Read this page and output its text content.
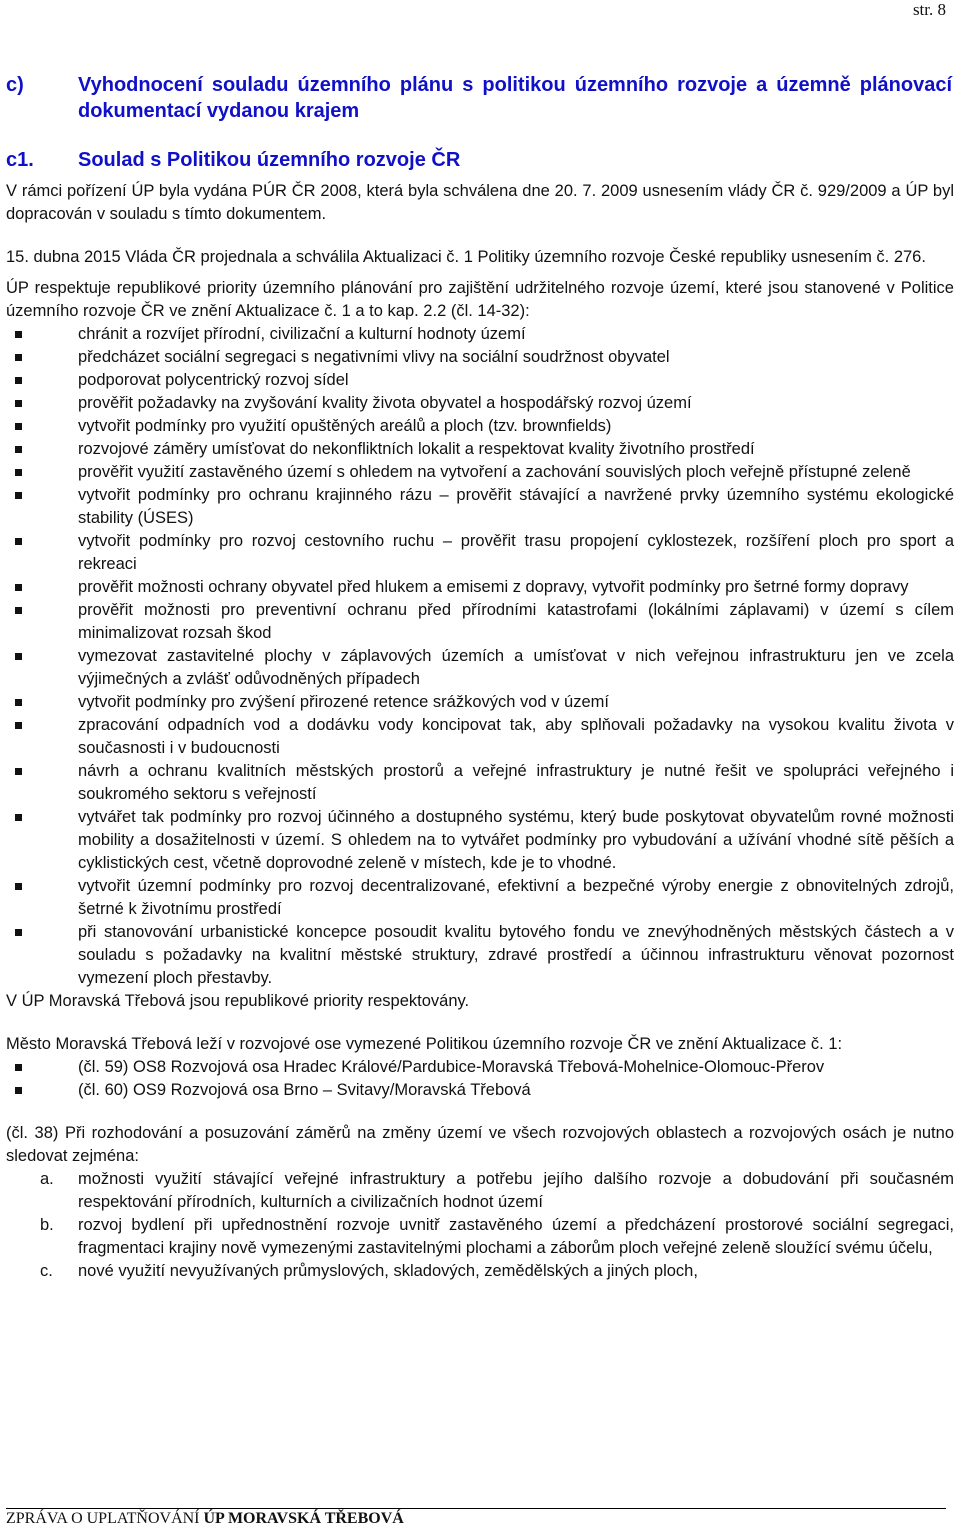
str. 8
c)	Vyhodnocení souladu územního plánu s politikou územního rozvoje a územně plánovací dokumentací vydanou krajem
c1. Soulad s Politikou územního rozvoje ČR

V rámci pořízení ÚP byla vydána PÚR ČR 2008, která byla schválena dne 20. 7. 2009 usnesením vlády ČR č. 929/2009 a ÚP byl dopracován v souladu s tímto dokumentem.

15. dubna 2015 Vláda ČR projednala a schválila Aktualizaci č. 1 Politiky územního rozvoje České republiky usnesením č. 276.

ÚP respektuje republikové priority územního plánování pro zajištění udržitelného rozvoje území, které jsou stanovené v Politice územního rozvoje ČR ve znění Aktualizace č. 1 a to kap. 2.2 (čl. 14-32):

chránit a rozvíjet přírodní, civilizační a kulturní hodnoty území
předcházet sociální segregaci s negativními vlivy na sociální soudržnost obyvatel
podporovat polycentrický rozvoj sídel
prověřit požadavky na zvyšování kvality života obyvatel a hospodářský rozvoj území
vytvořit podmínky pro využití opuštěných areálů a ploch (tzv. brownfields)
rozvojové záměry umísťovat do nekonfliktních lokalit a respektovat kvality životního prostředí
prověřit využití zastavěného území s ohledem na vytvoření a zachování souvislých ploch veřejně přístupné zeleně
vytvořit podmínky pro ochranu krajinného rázu – prověřit stávající a navržené prvky územního systému ekologické stability (ÚSES)
vytvořit podmínky pro rozvoj cestovního ruchu – prověřit trasu propojení cyklostezek, rozšíření ploch pro sport a rekreaci
prověřit možnosti ochrany obyvatel před hlukem a emisemi z dopravy, vytvořit podmínky pro šetrné formy dopravy
prověřit možnosti pro preventivní ochranu před přírodními katastrofami (lokálními záplavami) v území s cílem minimalizovat rozsah škod
vymezovat zastavitelné plochy v záplavových územích a umísťovat v nich veřejnou infrastrukturu jen ve zcela výjimečných a zvlášť odůvodněných případech
vytvořit podmínky pro zvýšení přirozené retence srážkových vod v území
zpracování odpadních vod a dodávku vody koncipovat tak, aby splňovali požadavky na vysokou kvalitu života v současnosti i v budoucnosti
návrh a ochranu kvalitních městských prostorů a veřejné infrastruktury je nutné řešit ve spolupráci veřejného i soukromého sektoru s veřejností
vytvářet tak podmínky pro rozvoj účinného a dostupného systému, který bude poskytovat obyvatelům rovné možnosti mobility a dosažitelnosti v území. S ohledem na to vytvářet podmínky pro vybudování a užívání vhodné sítě pěších a cyklistických cest, včetně doprovodné zeleně v místech, kde je to vhodné.
vytvořit územní podmínky pro rozvoj decentralizované, efektivní a bezpečné výroby energie z obnovitelných zdrojů, šetrné k životnímu prostředí
při stanovování urbanistické koncepce posoudit kvalitu bytového fondu ve znevýhodněných městských částech a v souladu s požadavky na kvalitní městské struktury, zdravé prostředí a účinnou infrastrukturu věnovat pozornost vymezení ploch přestavby.

V ÚP Moravská Třebová jsou republikové priority respektovány.

Město Moravská Třebová leží v rozvojové ose vymezené Politikou územního rozvoje ČR ve znění Aktualizace č. 1:

(čl. 59) OS8 Rozvojová osa Hradec Králové/Pardubice-Moravská Třebová-Mohelnice-Olomouc-Přerov
(čl. 60) OS9 Rozvojová osa Brno – Svitavy/Moravská Třebová

(čl. 38) Při rozhodování a posuzování záměrů na změny území ve všech rozvojových oblastech a rozvojových osách je nutno sledovat zejména:

a. možnosti využití stávající veřejné infrastruktury a potřebu jejího dalšího rozvoje a dobudování při současném respektování přírodních, kulturních a civilizačních hodnot území
b. rozvoj bydlení při upřednostnění rozvoje uvnitř zastavěného území a předcházení prostorové sociální segregaci, fragmentaci krajiny nově vymezenými zastavitelnými plochami a záborům ploch veřejné zeleně sloužící svému účelu,
c. nové využití nevyužívaných průmyslových, skladových, zemědělských a jiných ploch,
ZPRÁVA O UPLATŇOVÁNÍ ÚP MORAVSKÁ TŘEBOVÁ
